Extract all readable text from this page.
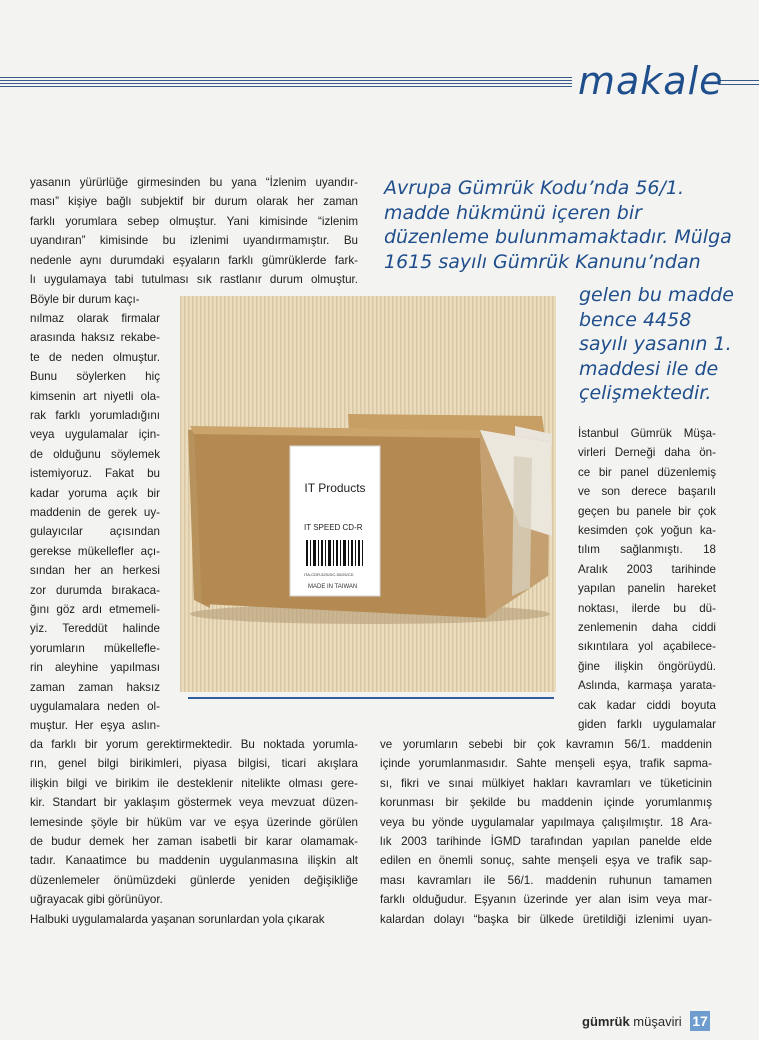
makale

yasanın yürürlüğe girmesinden bu yana “İzlenim uyandır-

ması” kişiye bağlı subjektif bir durum olarak her zaman

farklı yorumlara sebep olmuştur. Yani kimisinde “izlenim

uyandıran” kimisinde bu izlenimi uyandırmamıştır. Bu

nedenle aynı durumdaki eşyaların farklı gümrüklerde fark-

lı uygulamaya tabi tutulması sık rastlanır durum olmuştur.

Böyle bir durum kaçı-

nılmaz olarak firmalar

arasında haksız rekabe-

te de neden olmuştur.

Bunu söylerken hiç

kimsenin art niyetli ola-

rak farklı yorumladığını

veya uygulamalar için-

de olduğunu söylemek

istemiyoruz. Fakat bu

kadar yoruma açık bir

maddenin de gerek uy-

gulayıcılar açısından

gerekse mükellefler açı-

sından her an herkesi

zor durumda bırakaca-

ğını göz ardı etmemeli-

yiz. Tereddüt halinde

yorumların mükellefle-

rin aleyhine yapılması

zaman zaman haksız

uygulamalara neden ol-

muştur. Her eşya aslın-

da farklı bir yorum gerektirmektedir. Bu noktada yorumla-

rın, genel bilgi birikimleri, piyasa bilgisi, ticari akışlara

ilişkin bilgi ve birikim ile desteklenir nitelikte olması gere-

kir. Standart bir yaklaşım göstermek veya mevzuat düzen-

lemesinde şöyle bir hüküm var ve eşya üzerinde görülen

de budur demek her zaman isabetli bir karar olamamak-

tadır. Kanaatimce bu maddenin uygulanmasına ilişkin alt

düzenlemeler önümüzdeki günlerde yeniden değişikliğe

uğrayacak gibi görünüyor.

Halbuki uygulamalarda yaşanan sorunlardan yola çıkarak

Avrupa Gümrük Kodu’nda 56/1.
madde hükmünü içeren bir
düzenleme bulunmamaktadır. Mülga
1615 sayılı Gümrük Kanunu’ndan
gelen bu madde
bence 4458
sayılı yasanın 1.
maddesi ile de
çelişmektedir.
IT Products
IT SPEED CD-R
ITA-CDR-52X/DC-50/25/CD
MADE IN TAIWAN

İstanbul Gümrük Müşa-

virleri Derneği daha ön-

ce bir panel düzenlemiş

ve son derece başarılı

geçen bu panele bir çok

kesimden çok yoğun ka-

tılım sağlanmıştı. 18

Aralık 2003 tarihinde

yapılan panelin hareket

noktası, ilerde bu dü-

zenlemenin daha ciddi

sıkıntılara yol açabilece-

ğine ilişkin öngörüydü.

Aslında, karmaşa yarata-

cak kadar ciddi boyuta

giden farklı uygulamalar

ve yorumların sebebi bir çok kavramın 56/1. maddenin

içinde yorumlanmasıdır. Sahte menşeli eşya, trafik sapma-

sı, fikri ve sınai mülkiyet hakları kavramları ve tüketicinin

korunması bir şekilde bu maddenin içinde yorumlanmış

veya bu yönde uygulamalar yapılmaya çalışılmıştır. 18 Ara-

lık 2003 tarihinde İGMD tarafından yapılan panelde elde

edilen en önemli sonuç, sahte menşeli eşya ve trafik sap-

ması kavramları ile 56/1. maddenin ruhunun tamamen

farklı olduğudur. Eşyanın üzerinde yer alan isim veya mar-

kalardan dolayı “başka bir ülkede üretildiği izlenimi uyan-

gümrük müşaviri 17
